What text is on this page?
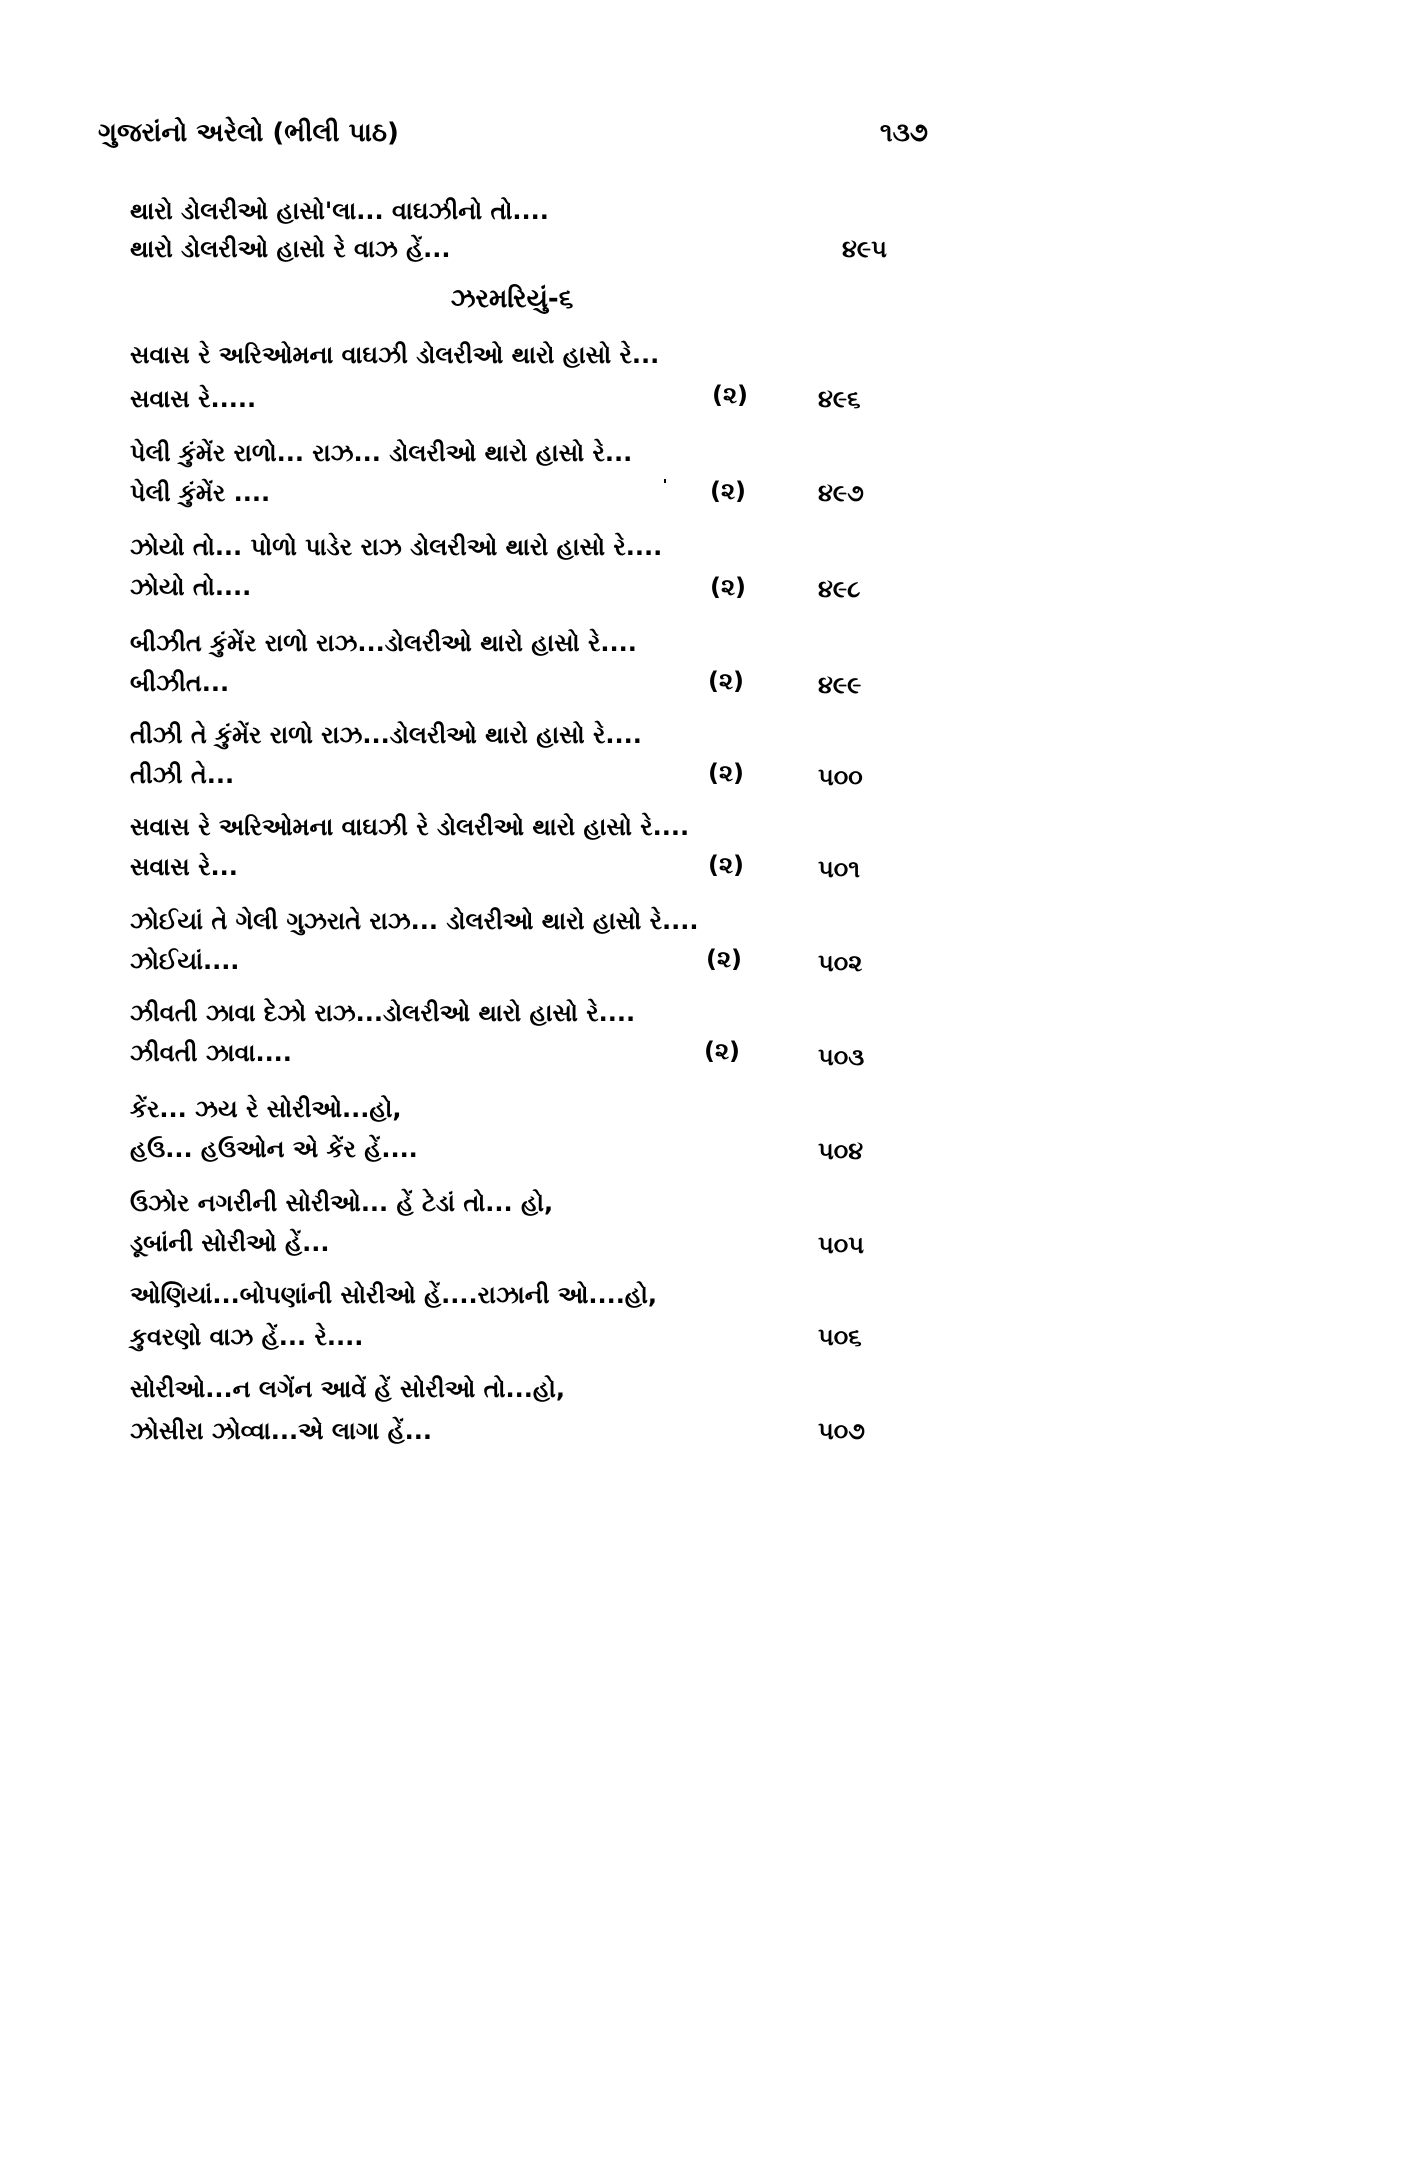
ગુજરાંનો અરેલો (ભીલી પાઠ)	૧૩૭
થારો ડોલરીઓ હાસો'લા... વાઘઝીનો તો....
થારો ડોલરીઓ હાસો રે વાઝ હેં...	૪૯૫
ઝરમરિયું-૬
સવાસ રે અરિઓમના વાઘઝી ડોલરીઓ થારો હાસો રે...
સવાસ રે.....	(૨)	૪૯૬
પેલી કુંમેંર રાળો... રાઝ... ડોલરીઓ થારો હાસો રે...
પેલી કુંમેંર ....	(૨)	૪૯૭
ઝોયો તો... પોળો પાડેર રાઝ ડોલરીઓ થારો હાસો રે....
ઝોયો તો....	(૨)	૪૯૮
બીઝીત કુંમેંર રાળો રાઝ...ડોલરીઓ થારો હાસો રે....
બીઝીત...	(૨)	૪૯૯
તીઝી તે કુંમેંર રાળો રાઝ...ડોલરીઓ થારો હાસો રે....
તીઝી તે...	(૨)	૫૦૦
સવાસ રે અરિઓમના વાઘઝી રે ડોલરીઓ થારો હાસો રે....
સવાસ રે...	(૨)	૫૦૧
ઝોઈયાં તે ગેલી ગુઝરાતે રાઝ... ડોલરીઓ થારો હાસો રે....
ઝોઈયાં....	(૨)	૫૦૨
ઝીવતી ઝાવા દેઝો રાઝ...ડોલરીઓ થારો હાસો રે....
ઝીવતી ઝાવા....	(૨)	૫૦૩
કેંર... ઝય રે સોરીઓ...હો,
હઉ... હઉઓન એ કેંર હેં....	૫૦૪
ઉઝોર નગરીની સોરીઓ... હેં ટેડાં તો... હો,
ડૂબાંની સોરીઓ હેં...	૫૦૫
ઓણિયાં...બોપણાંની સોરીઓ હેં....રાઝાની ઓ....હો,
કુવરણો વાઝ હેં... રે....	૫૦૬
સોરીઓ...ન લગેંન આવેં હેં સોરીઓ તો...હો,
ઝોસીરા ઝોવ્વા...એ લાગા હેં...	૫૦૭
